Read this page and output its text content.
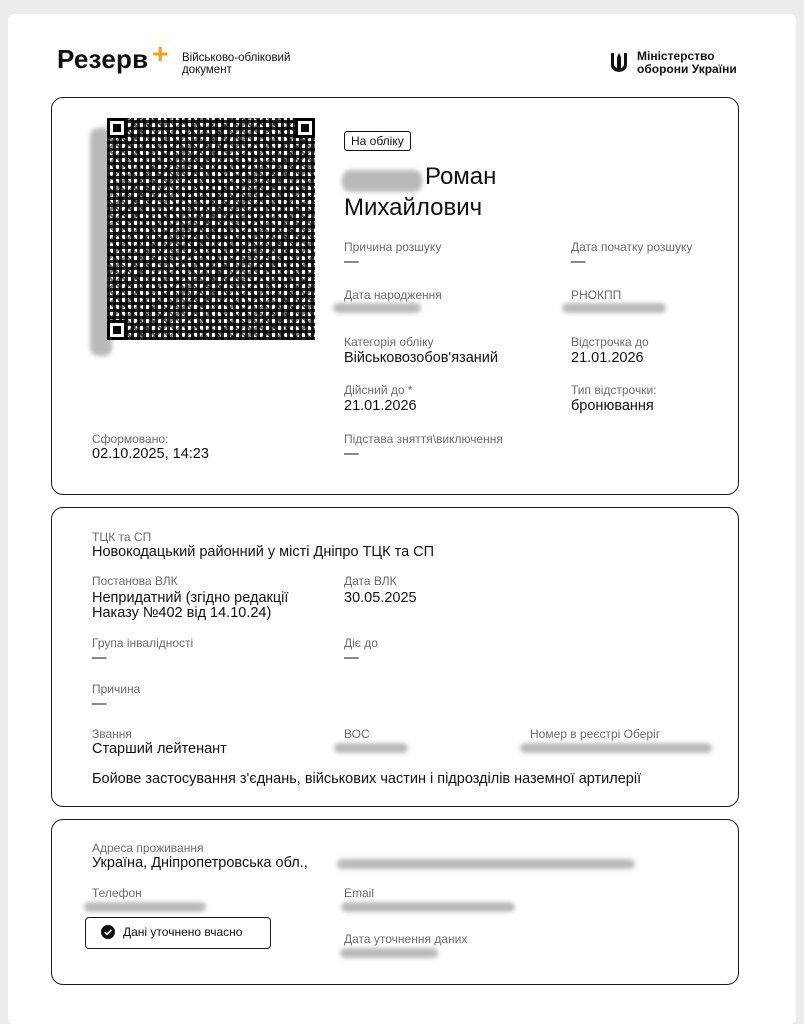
Резерв + Військово-обліковий
документ
Міністерство
оборони України
На обліку
Роман
Михайлович
Причина розшуку
—
Дата початку розшуку
—
Дата народження	РНОКПП
Категорія обліку
Військовозобов'язаний
Відстрочка до
21.01.2026
Дійсний до *
21.01.2026
Тип відстрочки:
бронювання
Сформовано:
02.10.2025, 14:23
Підстава зняття\виключення
—
ТЦК та СП
Новокодацький районний у місті Дніпро ТЦК та СП
Постанова ВЛК
Непридатний (згідно редакції
Наказу №402 від 14.10.24)
Дата ВЛК
30.05.2025
Група інвалідності
—
Діє до
—
Причина
—
Звання
Старший лейтенант
ВОС	Номер в реєстрі Оберіг
Бойове застосування з'єднань, військових частин і підрозділів наземної артилерії
Адреса проживання
Україна, Дніпропетровська обл.,
Телефон	Email
Дані уточнено вчасно	Дата уточнення даних
